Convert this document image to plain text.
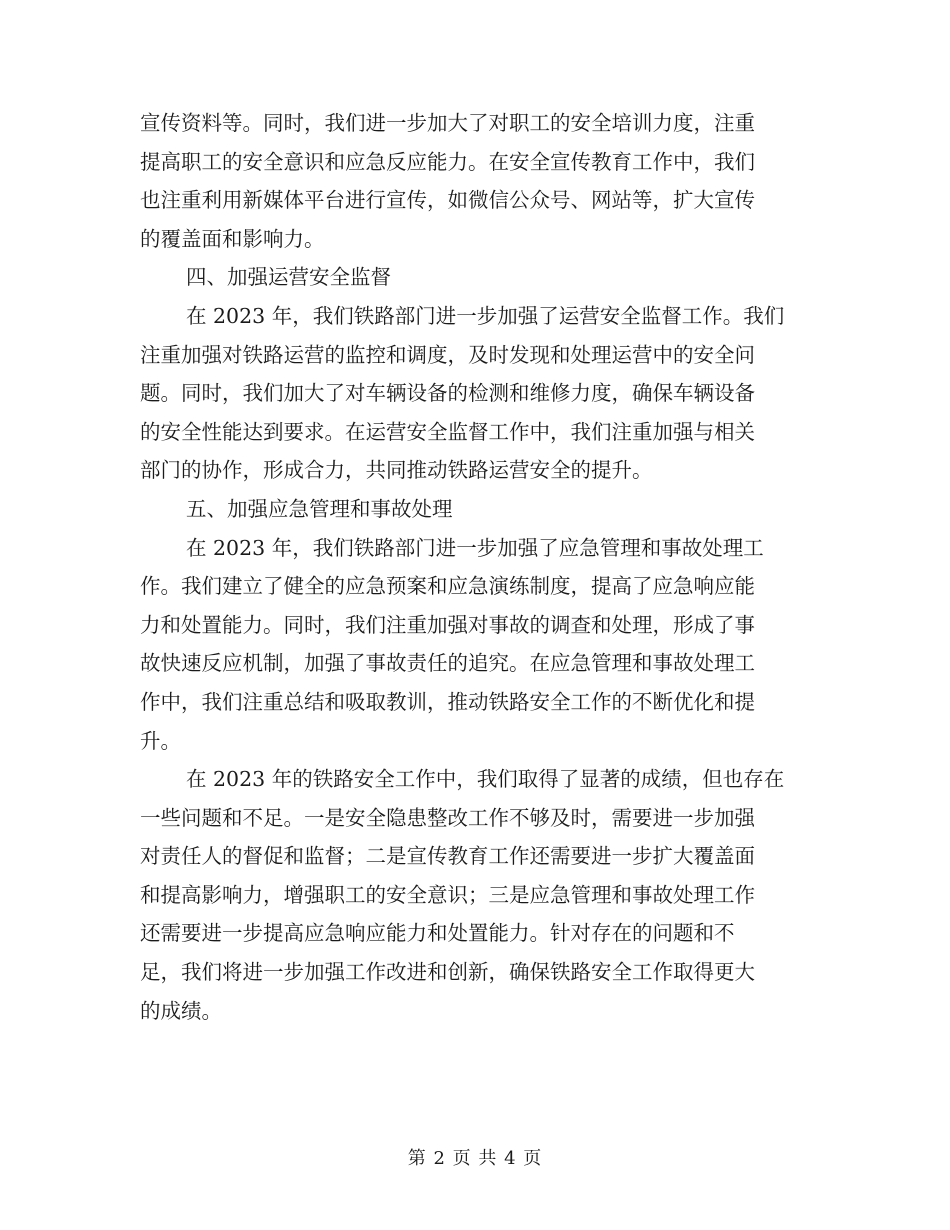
宣传资料等。同时，我们进一步加大了对职工的安全培训力度，注重
提高职工的安全意识和应急反应能力。在安全宣传教育工作中，我们
也注重利用新媒体平台进行宣传，如微信公众号、网站等，扩大宣传
的覆盖面和影响力。
四、加强运营安全监督
在 2023 年，我们铁路部门进一步加强了运营安全监督工作。我们
注重加强对铁路运营的监控和调度，及时发现和处理运营中的安全问
题。同时，我们加大了对车辆设备的检测和维修力度，确保车辆设备
的安全性能达到要求。在运营安全监督工作中，我们注重加强与相关
部门的协作，形成合力，共同推动铁路运营安全的提升。
五、加强应急管理和事故处理
在 2023 年，我们铁路部门进一步加强了应急管理和事故处理工
作。我们建立了健全的应急预案和应急演练制度，提高了应急响应能
力和处置能力。同时，我们注重加强对事故的调查和处理，形成了事
故快速反应机制，加强了事故责任的追究。在应急管理和事故处理工
作中，我们注重总结和吸取教训，推动铁路安全工作的不断优化和提
升。
在 2023 年的铁路安全工作中，我们取得了显著的成绩，但也存在
一些问题和不足。一是安全隐患整改工作不够及时，需要进一步加强
对责任人的督促和监督；二是宣传教育工作还需要进一步扩大覆盖面
和提高影响力，增强职工的安全意识；三是应急管理和事故处理工作
还需要进一步提高应急响应能力和处置能力。针对存在的问题和不
足，我们将进一步加强工作改进和创新，确保铁路安全工作取得更大
的成绩。
第 2 页 共 4 页
